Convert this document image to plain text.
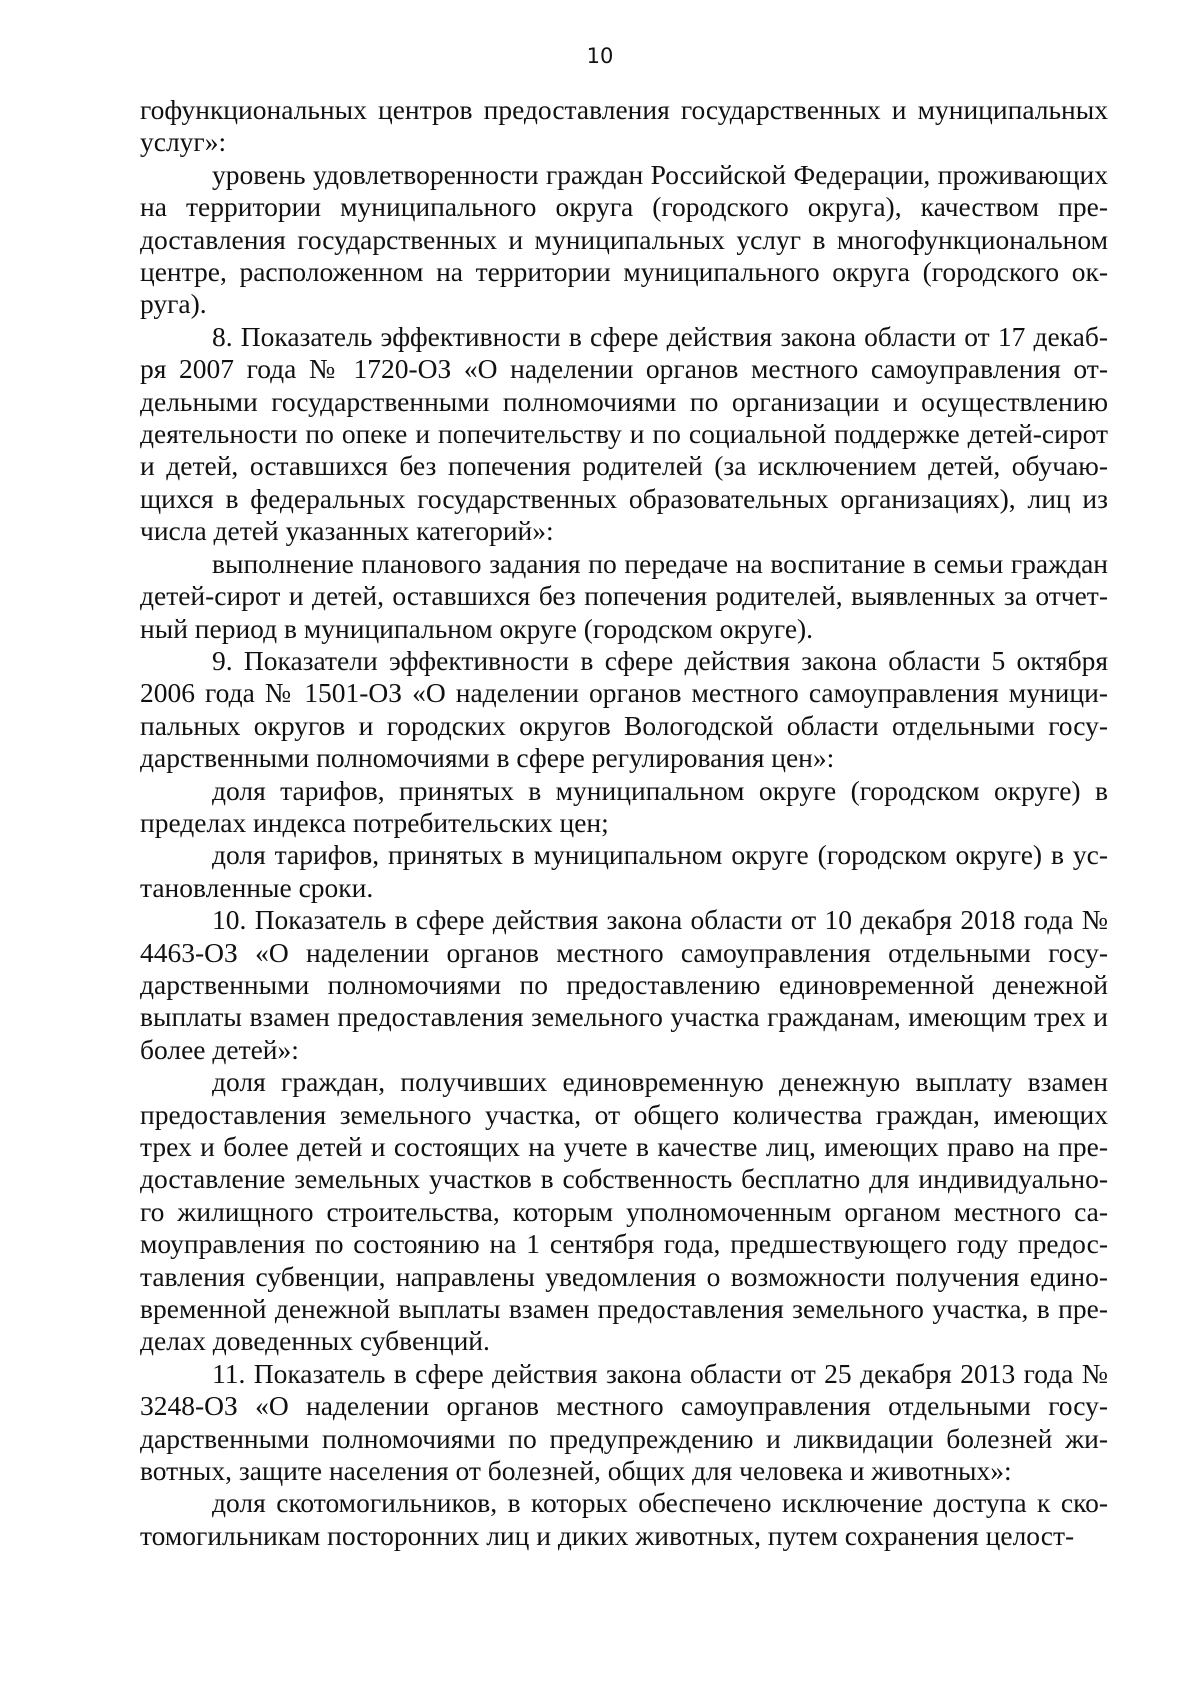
10

гофункциональных центров предоставления государственных и муниципальных услуг»:

уровень удовлетворенности граждан Российской Федерации, проживающих на территории муниципального округа (городского округа), качеством предоставления государственных и муниципальных услуг в многофункциональном центре, расположенном на территории муниципального округа (городского округа).

8. Показатель эффективности в сфере действия закона области от 17 декабря 2007 года № 1720-ОЗ «О наделении органов местного самоуправления отдельными государственными полномочиями по организации и осуществлению деятельности по опеке и попечительству и по социальной поддержке детей-сирот и детей, оставшихся без попечения родителей (за исключением детей, обучающихся в федеральных государственных образовательных организациях), лиц из числа детей указанных категорий»:

выполнение планового задания по передаче на воспитание в семьи граждан детей-сирот и детей, оставшихся без попечения родителей, выявленных за отчетный период в муниципальном округе (городском округе).

9. Показатели эффективности в сфере действия закона области 5 октября 2006 года № 1501-ОЗ «О наделении органов местного самоуправления муниципальных округов и городских округов Вологодской области отдельными государственными полномочиями в сфере регулирования цен»:

доля тарифов, принятых в муниципальном округе (городском округе) в пределах индекса потребительских цен;

доля тарифов, принятых в муниципальном округе (городском округе) в установленные сроки.

10. Показатель в сфере действия закона области от 10 декабря 2018 года № 4463-ОЗ «О наделении органов местного самоуправления отдельными государственными полномочиями по предоставлению единовременной денежной выплаты взамен предоставления земельного участка гражданам, имеющим трех и более детей»:

доля граждан, получивших единовременную денежную выплату взамен предоставления земельного участка, от общего количества граждан, имеющих трех и более детей и состоящих на учете в качестве лиц, имеющих право на предоставление земельных участков в собственность бесплатно для индивидуального жилищного строительства, которым уполномоченным органом местного самоуправления по состоянию на 1 сентября года, предшествующего году предоставления субвенции, направлены уведомления о возможности получения единовременной денежной выплаты взамен предоставления земельного участка, в пределах доведенных субвенций.

11. Показатель в сфере действия закона области от 25 декабря 2013 года № 3248-ОЗ «О наделении органов местного самоуправления отдельными государственными полномочиями по предупреждению и ликвидации болезней животных, защите населения от болезней, общих для человека и животных»:

доля скотомогильников, в которых обеспечено исключение доступа к скотомогильникам посторонних лиц и диких животных, путем сохранения целост-
